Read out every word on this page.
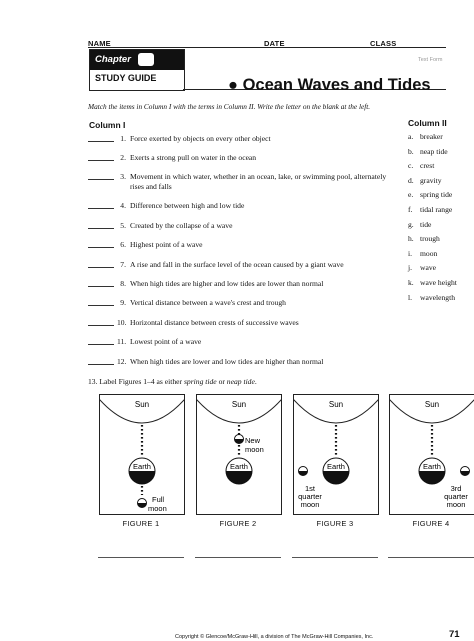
NAME	DATE	CLASS
Text Form
Chapter
STUDY GUIDE	● Ocean Waves and Tides
Match the items in Column I with the terms in Column II. Write the letter on the blank at the left.
Column I	Column II
1. Force exerted by objects on every other object
2. Exerts a strong pull on water in the ocean
3. Movement in which water, whether in an ocean, lake, or swimming pool, alternately rises and falls
4. Difference between high and low tide
5. Created by the collapse of a wave
6. Highest point of a wave
7. A rise and fall in the surface level of the ocean caused by a giant wave
8. When high tides are higher and low tides are lower than normal
9. Vertical distance between a wave's crest and trough
10. Horizontal distance between crests of successive waves
11. Lowest point of a wave
12. When high tides are lower and low tides are higher than normal
a. breaker
b. neap tide
c. crest
d. gravity
e. spring tide
f. tidal range
g. tide
h. trough
i. moon
j. wave
k. wave height
l. wavelength
13. Label Figures 1–4 as either spring tide or neap tide.
Sun
Earth
Full
moon
FIGURE 1
Sun
Earth
New
moon
FIGURE 2
Sun
Earth
1st
quarter
moon
FIGURE 3
Sun
Earth
3rd
quarter
moon
FIGURE 4
Copyright © Glencoe/McGraw-Hill, a division of The McGraw-Hill Companies, Inc.	71
